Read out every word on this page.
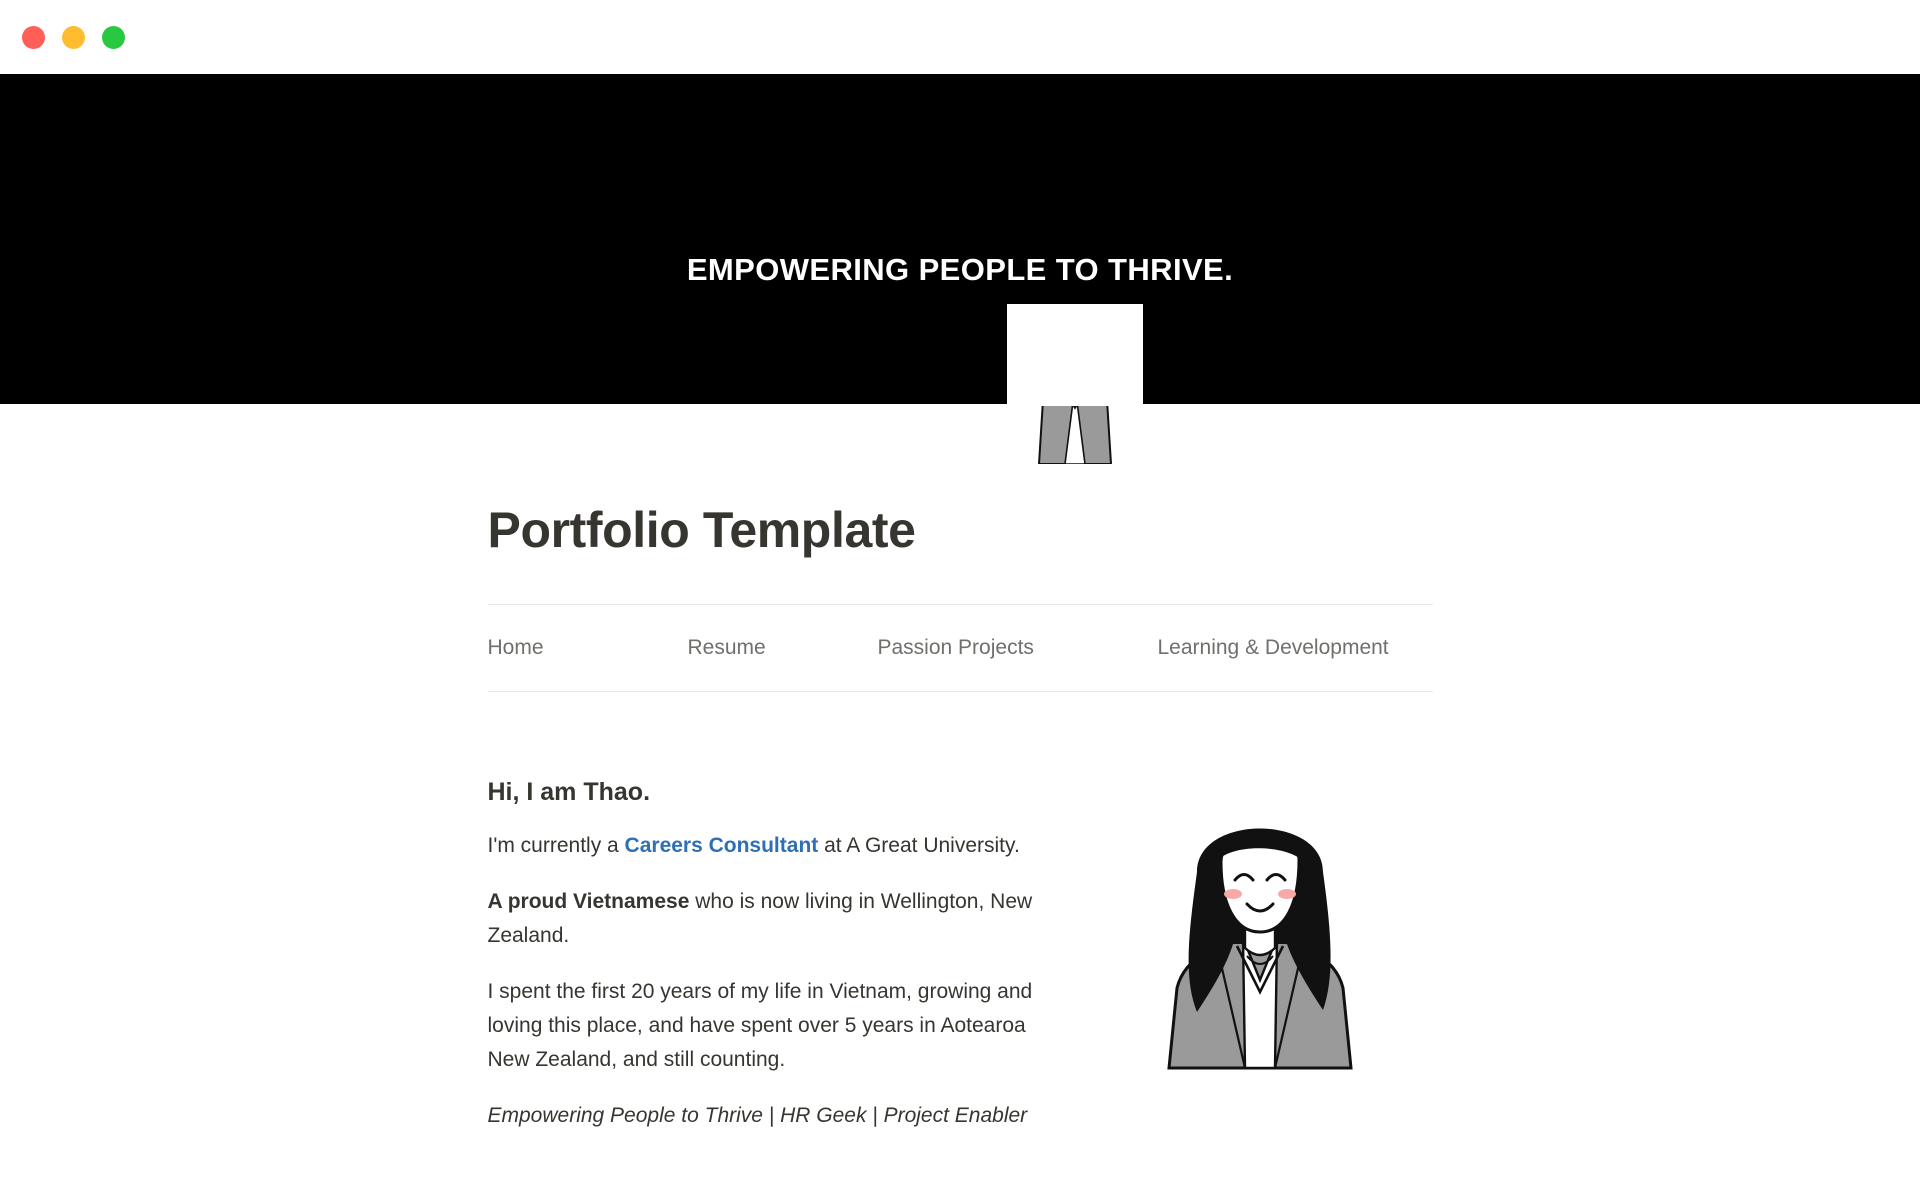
EMPOWERING PEOPLE TO THRIVE.
Portfolio Template
Home	Resume	Passion Projects	Learning & Development
Hi, I am Thao.

I'm currently a Careers Consultant at A Great University.

A proud Vietnamese who is now living in Wellington, New Zealand.

I spent the first 20 years of my life in Vietnam, growing and loving this place, and have spent over 5 years in Aotearoa New Zealand, and still counting.

Empowering People to Thrive | HR Geek | Project Enabler
